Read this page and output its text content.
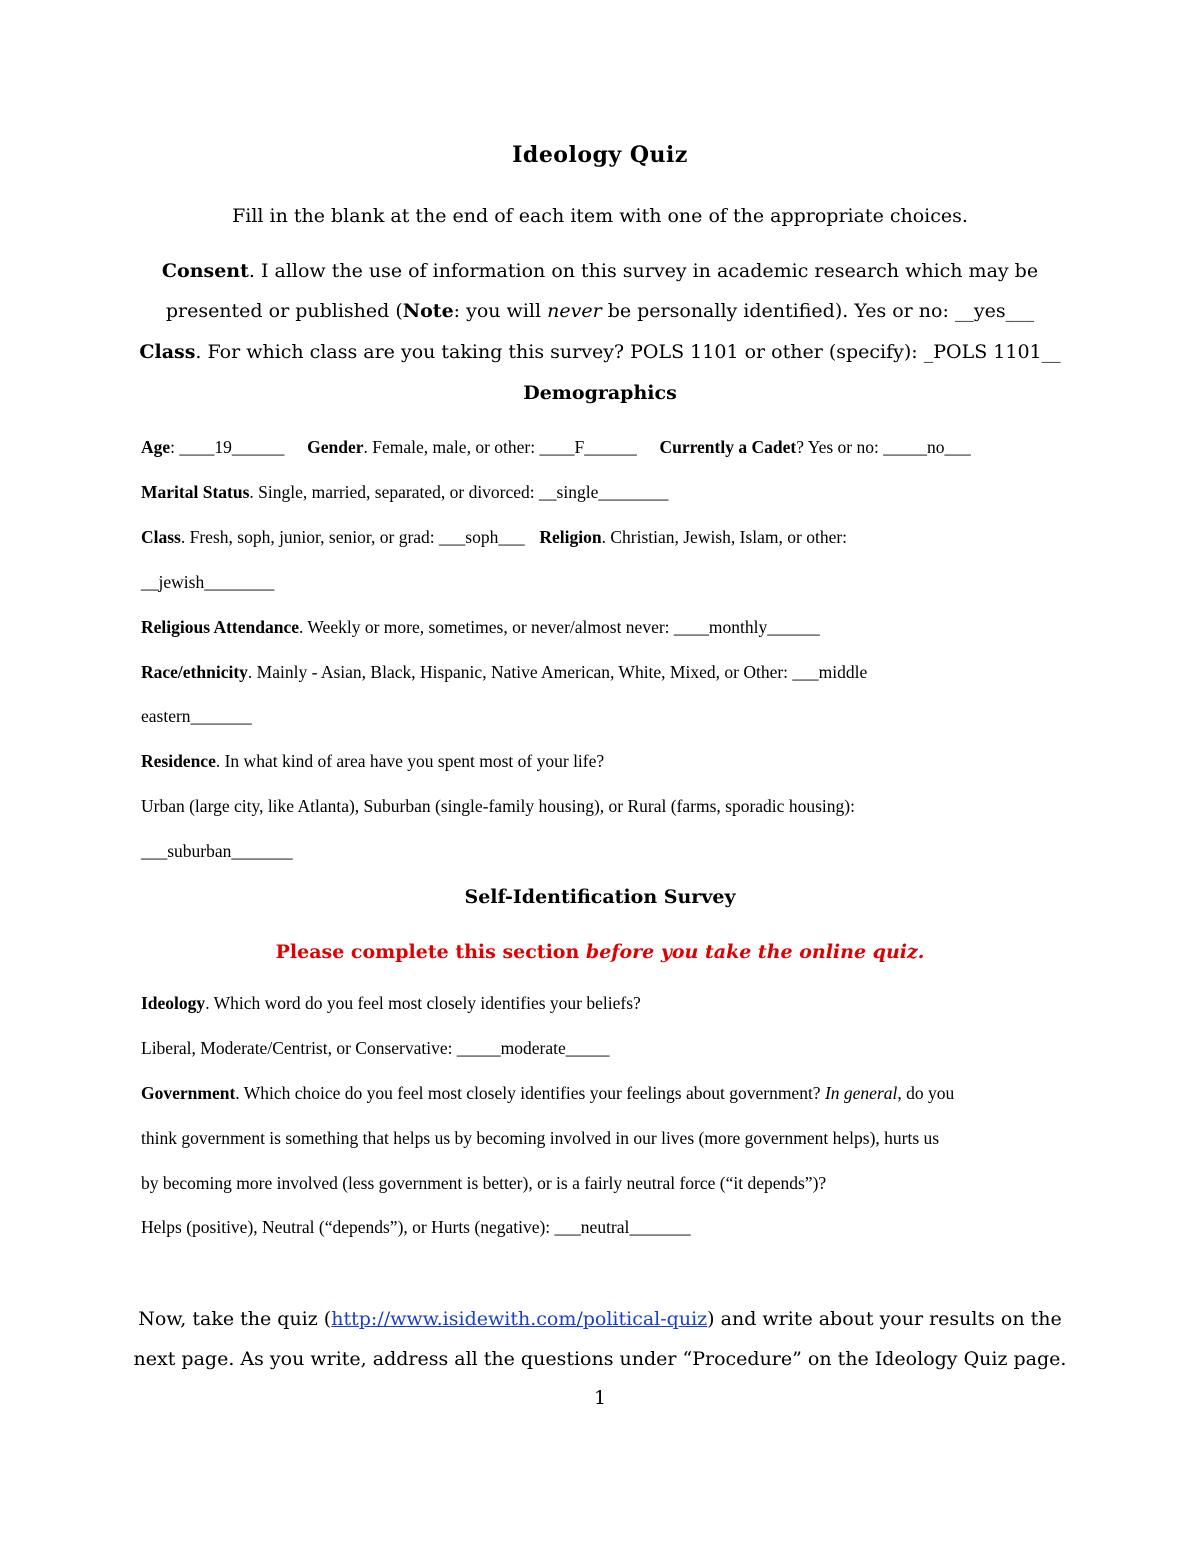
Ideology Quiz

Fill in the blank at the end of each item with one of the appropriate choices.

Consent. I allow the use of information on this survey in academic research which may be

presented or published (Note: you will never be personally identified). Yes or no: __yes___

Class. For which class are you taking this survey? POLS 1101 or other (specify): _POLS 1101__

Demographics

Age: ____19______ Gender. Female, male, or other: ____F______ Currently a Cadet? Yes or no: _____no___

Marital Status. Single, married, separated, or divorced: __single________

Class. Fresh, soph, junior, senior, or grad: ___soph___ Religion. Christian, Jewish, Islam, or other:

__jewish________

Religious Attendance. Weekly or more, sometimes, or never/almost never: ____monthly______

Race/ethnicity. Mainly - Asian, Black, Hispanic, Native American, White, Mixed, or Other: ___middle

eastern_______

Residence. In what kind of area have you spent most of your life?

Urban (large city, like Atlanta), Suburban (single-family housing), or Rural (farms, sporadic housing):

___suburban_______

Self-Identification Survey

Please complete this section before you take the online quiz.

Ideology. Which word do you feel most closely identifies your beliefs?

Liberal, Moderate/Centrist, or Conservative: _____moderate_____

Government. Which choice do you feel most closely identifies your feelings about government? In general, do you

think government is something that helps us by becoming involved in our lives (more government helps), hurts us

by becoming more involved (less government is better), or is a fairly neutral force (“it depends”)?

Helps (positive), Neutral (“depends”), or Hurts (negative): ___neutral_______

Now, take the quiz (http://www.isidewith.com/political-quiz) and write about your results on the

next page. As you write, address all the questions under “Procedure” on the Ideology Quiz page.

1
